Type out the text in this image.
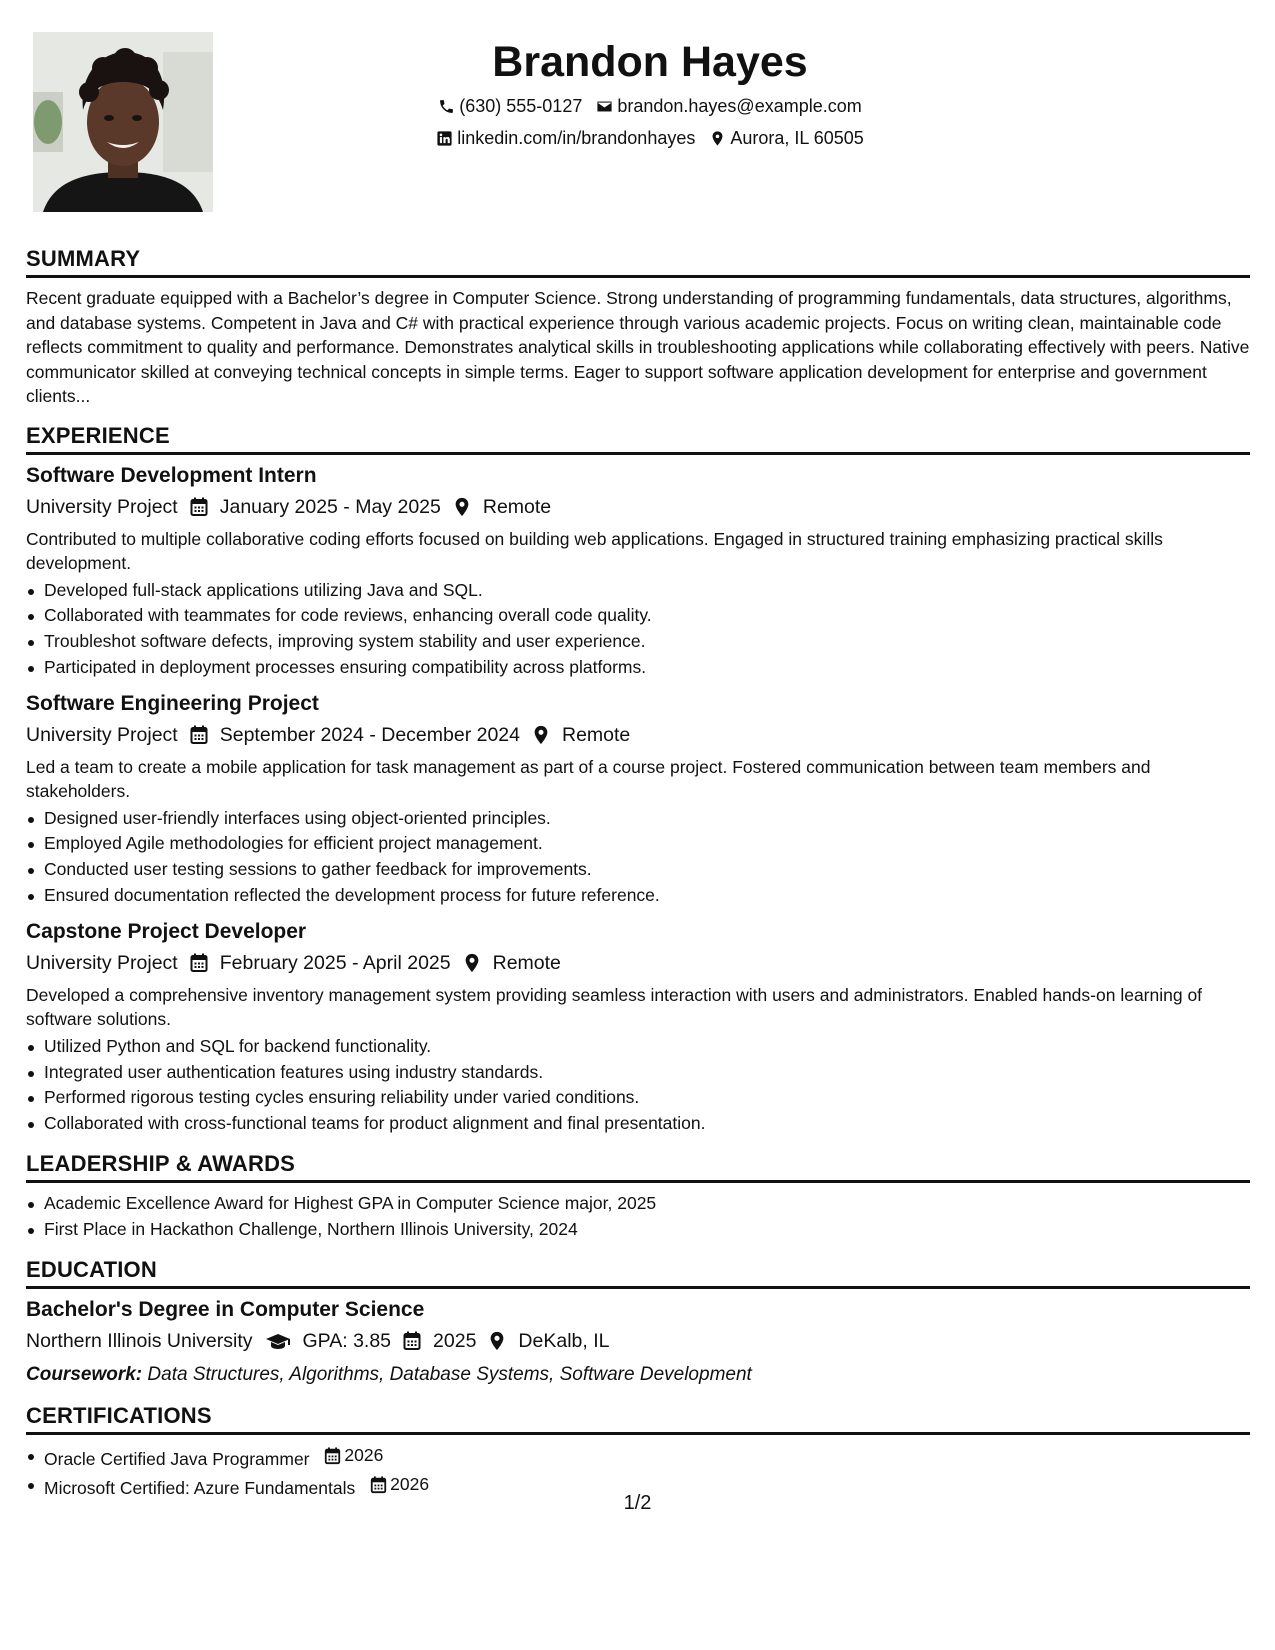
Brandon Hayes
(630) 555-0127 brandon.hayes@example.com
linkedin.com/in/brandonhayes Aurora, IL 60505
SUMMARY

Recent graduate equipped with a Bachelor’s degree in Computer Science. Strong understanding of programming fundamentals, data structures, algorithms, and database systems. Competent in Java and C# with practical experience through various academic projects. Focus on writing clean, maintainable code reflects commitment to quality and performance. Demonstrates analytical skills in troubleshooting applications while collaborating effectively with peers. Native communicator skilled at conveying technical concepts in simple terms. Eager to support software application development for enterprise and government clients...

EXPERIENCE
Software Development Intern
University Project January 2025 - May 2025 Remote

Contributed to multiple collaborative coding efforts focused on building web applications. Engaged in structured training emphasizing practical skills development.

Developed full-stack applications utilizing Java and SQL.
Collaborated with teammates for code reviews, enhancing overall code quality.
Troubleshot software defects, improving system stability and user experience.
Participated in deployment processes ensuring compatibility across platforms.
Software Engineering Project
University Project September 2024 - December 2024 Remote

Led a team to create a mobile application for task management as part of a course project. Fostered communication between team members and stakeholders.

Designed user-friendly interfaces using object-oriented principles.
Employed Agile methodologies for efficient project management.
Conducted user testing sessions to gather feedback for improvements.
Ensured documentation reflected the development process for future reference.
Capstone Project Developer
University Project February 2025 - April 2025 Remote

Developed a comprehensive inventory management system providing seamless interaction with users and administrators. Enabled hands-on learning of software solutions.

Utilized Python and SQL for backend functionality.
Integrated user authentication features using industry standards.
Performed rigorous testing cycles ensuring reliability under varied conditions.
Collaborated with cross-functional teams for product alignment and final presentation.
LEADERSHIP & AWARDS
Academic Excellence Award for Highest GPA in Computer Science major, 2025
First Place in Hackathon Challenge, Northern Illinois University, 2024
EDUCATION
Bachelor's Degree in Computer Science
Northern Illinois University	GPA: 3.85 2025 DeKalb, IL
Coursework: Data Structures, Algorithms, Database Systems, Software Development
CERTIFICATIONS
Oracle Certified Java Programmer 2026
Microsoft Certified: Azure Fundamentals 2026
1/2
